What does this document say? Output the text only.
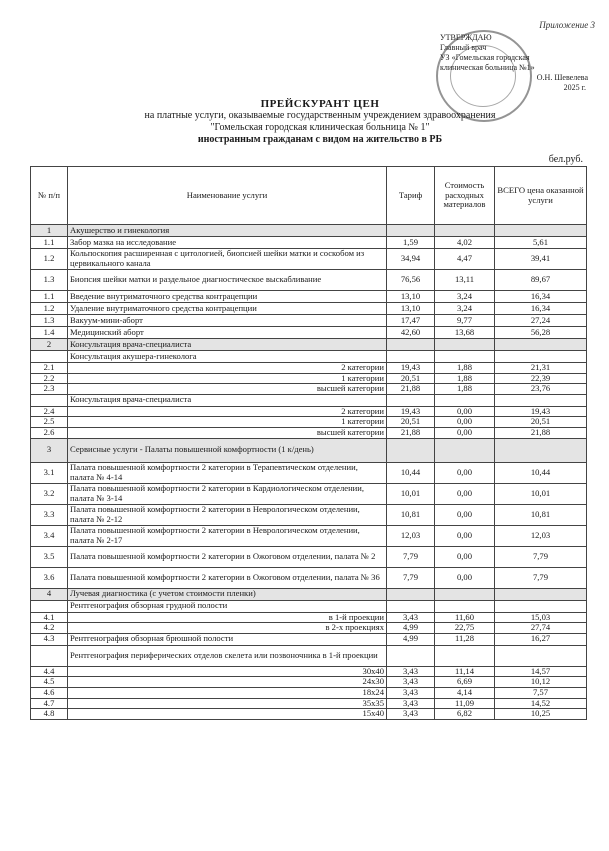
Приложение 3
УТВЕРЖДАЮ
Главный врач
УЗ «Гомельская городская
клиническая больница №1»
О.Н. Шевелева
2025 г.
ПРЕЙСКУРАНТ ЦЕН
на платные услуги, оказываемые государственным учреждением здравоохранения
"Гомельская городская клиническая больница № 1"
иностранным гражданам с видом на жительство в РБ
бел.руб.
№ п/п	Наименование услуги	Тариф	Стоимость расходных материалов	ВСЕГО цена оказанной услуги
1	Акушерство и гинекология			
1.1	Забор мазка на исследование	1,59	4,02	5,61
1.2	Кольпоскопия расширенная с цитологией, биопсией шейки матки и соскобом из цервикального канала	34,94	4,47	39,41
1.3	Биопсия шейки матки и раздельное диагностическое выскабливание	76,56	13,11	89,67
1.1	Введение внутриматочного средства контрацепции	13,10	3,24	16,34
1.2	Удаление внутриматочного средства контрацепции	13,10	3,24	16,34
1.3	Вакуум-мини-аборт	17,47	9,77	27,24
1.4	Медицинский аборт	42,60	13,68	56,28
2	Консультация врача-специалиста			
	Консультация акушера-гинеколога			
2.1	2 категории	19,43	1,88	21,31
2.2	1 категории	20,51	1,88	22,39
2.3	высшей категории	21,88	1,88	23,76
	Консультация врача-специалиста			
2.4	2 категории	19,43	0,00	19,43
2.5	1 категории	20,51	0,00	20,51
2.6	высшей категории	21,88	0,00	21,88
3	Сервисные услуги - Палаты повышенной комфортности (1 к/день)			
3.1	Палата повышенной комфортности 2 категории в Терапевтическом отделении, палата № 4-14	10,44	0,00	10,44
3.2	Палата повышенной комфортности 2 категории в Кардиологическом отделении, палата № 3-14	10,01	0,00	10,01
3.3	Палата повышенной комфортности 2 категории в Неврологическом отделении, палата № 2-12	10,81	0,00	10,81
3.4	Палата повышенной комфортности 2 категории в Неврологическом отделении, палата № 2-17	12,03	0,00	12,03
3.5	Палата повышенной комфортности 2 категории в Ожоговом отделении, палата № 2	7,79	0,00	7,79
3.6	Палата повышенной комфортности 2 категории в Ожоговом отделении, палата № 36	7,79	0,00	7,79
4	Лучевая диагностика (с учетом стоимости пленки)			
	Рентгенография обзорная грудной полости			
4.1	в 1-й проекции	3,43	11,60	15,03
4.2	в 2-х проекциях	4,99	22,75	27,74
4.3	Рентгенография обзорная брюшной полости	4,99	11,28	16,27
	Рентгенография периферических отделов скелета или позвоночника в 1-й проекции			
4.4	30х40	3,43	11,14	14,57
4.5	24х30	3,43	6,69	10,12
4.6	18х24	3,43	4,14	7,57
4.7	35х35	3,43	11,09	14,52
4.8	15х40	3,43	6,82	10,25
